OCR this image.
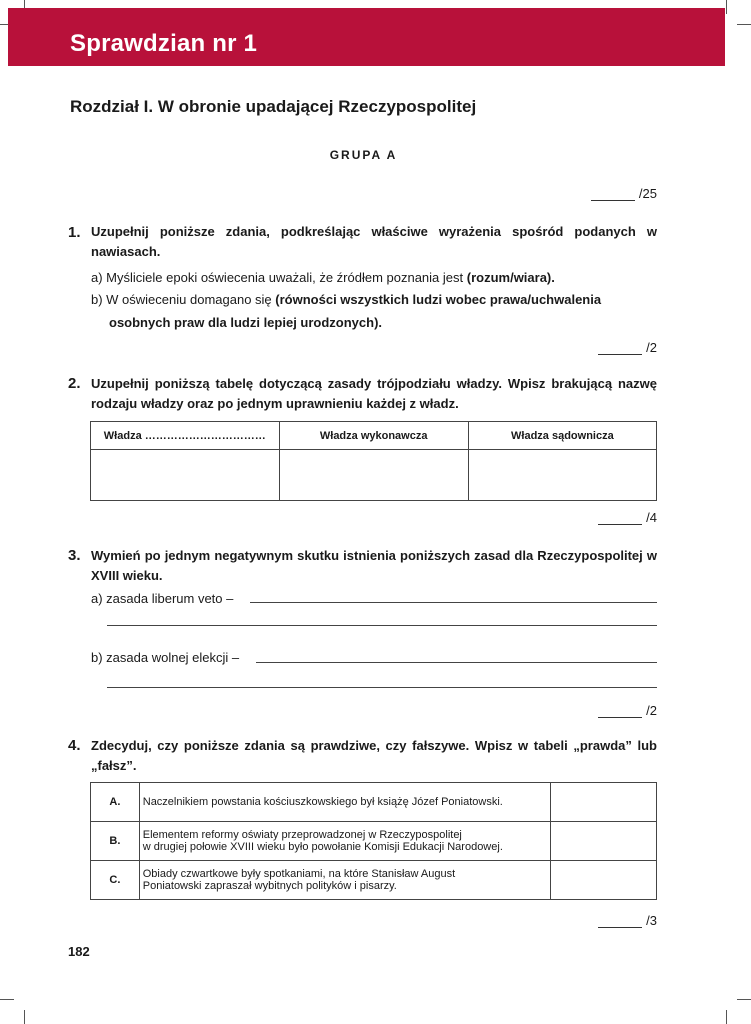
Sprawdzian nr 1
Rozdział I. W obronie upadającej Rzeczypospolitej
GRUPA A
/25
1. Uzupełnij poniższe zdania, podkreślając właściwe wyrażenia spośród podanych w nawiasach.
a) Myśliciele epoki oświecenia uważali, że źródłem poznania jest (rozum/wiara).
b) W oświeceniu domagano się (równości wszystkich ludzi wobec prawa/uchwalenia
osobnych praw dla ludzi lepiej urodzonych).
/2
2. Uzupełnij poniższą tabelę dotyczącą zasady trójpodziału władzy. Wpisz brakującą nazwę rodzaju władzy oraz po jednym uprawnieniu każdej z władz.
Władza ……………………………	Władza wykonawcza	Władza sądownicza

/4
3. Wymień po jednym negatywnym skutku istnienia poniższych zasad dla Rzeczypospolitej w XVIII wieku.
a) zasada liberum veto –
b) zasada wolnej elekcji –
/2
4. Zdecyduj, czy poniższe zdania są prawdziwe, czy fałszywe. Wpisz w tabeli „prawda” lub „fałsz”.
A.	Naczelnikiem powstania kościuszkowskiego był książę Józef Poniatowski.	

B.	Elementem reformy oświaty przeprowadzonej w Rzeczypospolitej
w drugiej połowie XVIII wieku było powołanie Komisji Edukacji Narodowej.	

C.	Obiady czwartkowe były spotkaniami, na które Stanisław August
Poniatowski zapraszał wybitnych polityków i pisarzy.	

/3
182
